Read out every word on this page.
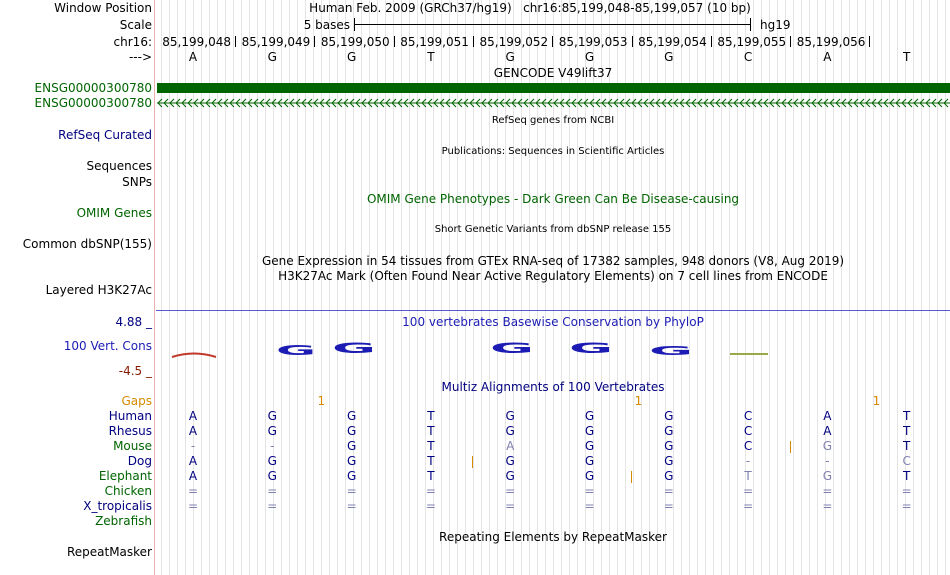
Window Position	Human Feb. 2009 (GRCh37/hg19)   chr16:85,199,048-85,199,057 (10 bp)
Scale	5 bases	hg19
chr16: 85,199,048 85,199,049 85,199,050 85,199,051 85,199,052 85,199,053 85,199,054 85,199,055 85,199,056
--->	A	G	G	T	G	G	G	C	A	T
GENCODE V49lift37
ENSG00000300780
ENSG00000300780
RefSeq genes from NCBI
RefSeq Curated
Publications: Sequences in Scientific Articles
Sequences
SNPs
OMIM Gene Phenotypes - Dark Green Can Be Disease-causing
OMIM Genes
Short Genetic Variants from dbSNP release 155
Common dbSNP(155)
Gene Expression in 54 tissues from GTEx RNA-seq of 17382 samples, 948 donors (V8, Aug 2019)
H3K27Ac Mark (Often Found Near Active Regulatory Elements) on 7 cell lines from ENCODE
Layered H3K27Ac
4.88 _	100 vertebrates Basewise Conservation by PhyloP
100 Vert. Cons
-4.5 _
G G	G	G	G
Multiz Alignments of 100 Vertebrates
Gaps	1	1	1
Human	A	G	G	T	G	G	G	C	A	T
Rhesus	A	G	G	T	G	G	G	C	A	T
Mouse	-	-	G	T	A	G	G	C	G	T
Dog	A	G	G	T	G	G	G	-	-	C
Elephant	A	G	G	T	G	G	G	T	G	T
Chicken	=	=	=	=	=	=	=	=	=	=
X_tropicalis	=	=	=	=	=	=	=	=	=	=
Zebrafish
Repeating Elements by RepeatMasker
RepeatMasker
